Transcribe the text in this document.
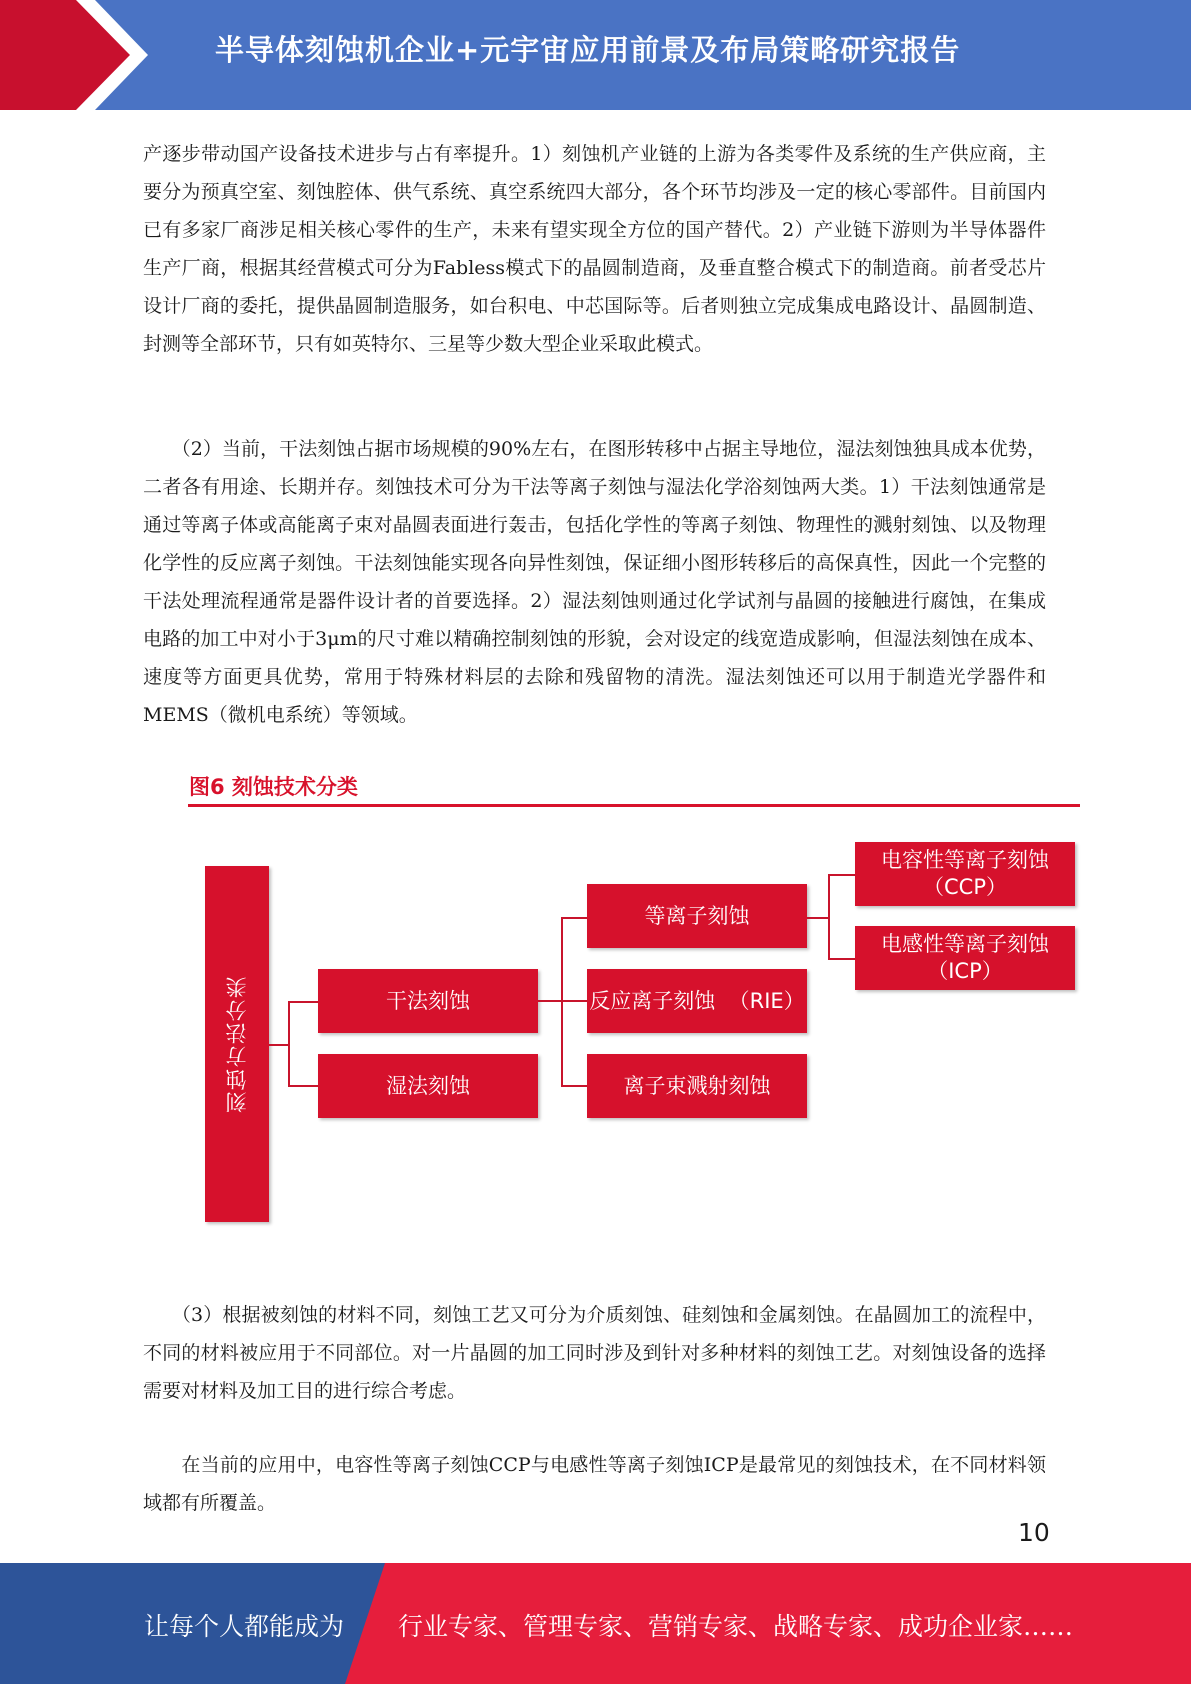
半导体刻蚀机企业+元宇宙应用前景及布局策略研究报告

产逐步带动国产设备技术进步与占有率提升。1）刻蚀机产业链的上游为各类零件及系统的生产供应商，主要分为预真空室、刻蚀腔体、供气系统、真空系统四大部分，各个环节均涉及一定的核心零部件。目前国内已有多家厂商涉足相关核心零件的生产，未来有望实现全方位的国产替代。2）产业链下游则为半导体器件生产厂商，根据其经营模式可分为Fabless模式下的晶圆制造商，及垂直整合模式下的制造商。前者受芯片设计厂商的委托，提供晶圆制造服务，如台积电、中芯国际等。后者则独立完成集成电路设计、晶圆制造、封测等全部环节，只有如英特尔、三星等少数大型企业采取此模式。

　　（2）当前，干法刻蚀占据市场规模的90%左右，在图形转移中占据主导地位，湿法刻蚀独具成本优势，二者各有用途、长期并存。刻蚀技术可分为干法等离子刻蚀与湿法化学浴刻蚀两大类。1）干法刻蚀通常是通过等离子体或高能离子束对晶圆表面进行轰击，包括化学性的等离子刻蚀、物理性的溅射刻蚀、以及物理化学性的反应离子刻蚀。干法刻蚀能实现各向异性刻蚀，保证细小图形转移后的高保真性，因此一个完整的干法处理流程通常是器件设计者的首要选择。2）湿法刻蚀则通过化学试剂与晶圆的接触进行腐蚀，在集成电路的加工中对小于3μm的尺寸难以精确控制刻蚀的形貌，会对设定的线宽造成影响，但湿法刻蚀在成本、速度等方面更具优势，常用于特殊材料层的去除和残留物的清洗。湿法刻蚀还可以用于制造光学器件和MEMS（微机电系统）等领域。

图6 刻蚀技术分类
刻蚀方法分类	干法刻蚀
湿法刻蚀
等离子刻蚀
反应离子刻蚀  （RIE）
离子束溅射刻蚀
电容性等离子刻蚀
（CCP）
电感性等离子刻蚀
（ICP）

　　（3）根据被刻蚀的材料不同，刻蚀工艺又可分为介质刻蚀、硅刻蚀和金属刻蚀。在晶圆加工的流程中，不同的材料被应用于不同部位。对一片晶圆的加工同时涉及到针对多种材料的刻蚀工艺。对刻蚀设备的选择需要对材料及加工目的进行综合考虑。

　　在当前的应用中，电容性等离子刻蚀CCP与电感性等离子刻蚀ICP是最常见的刻蚀技术，在不同材料领域都有所覆盖。

10
让每个人都能成为 行业专家、管理专家、营销专家、战略专家、成功企业家……
